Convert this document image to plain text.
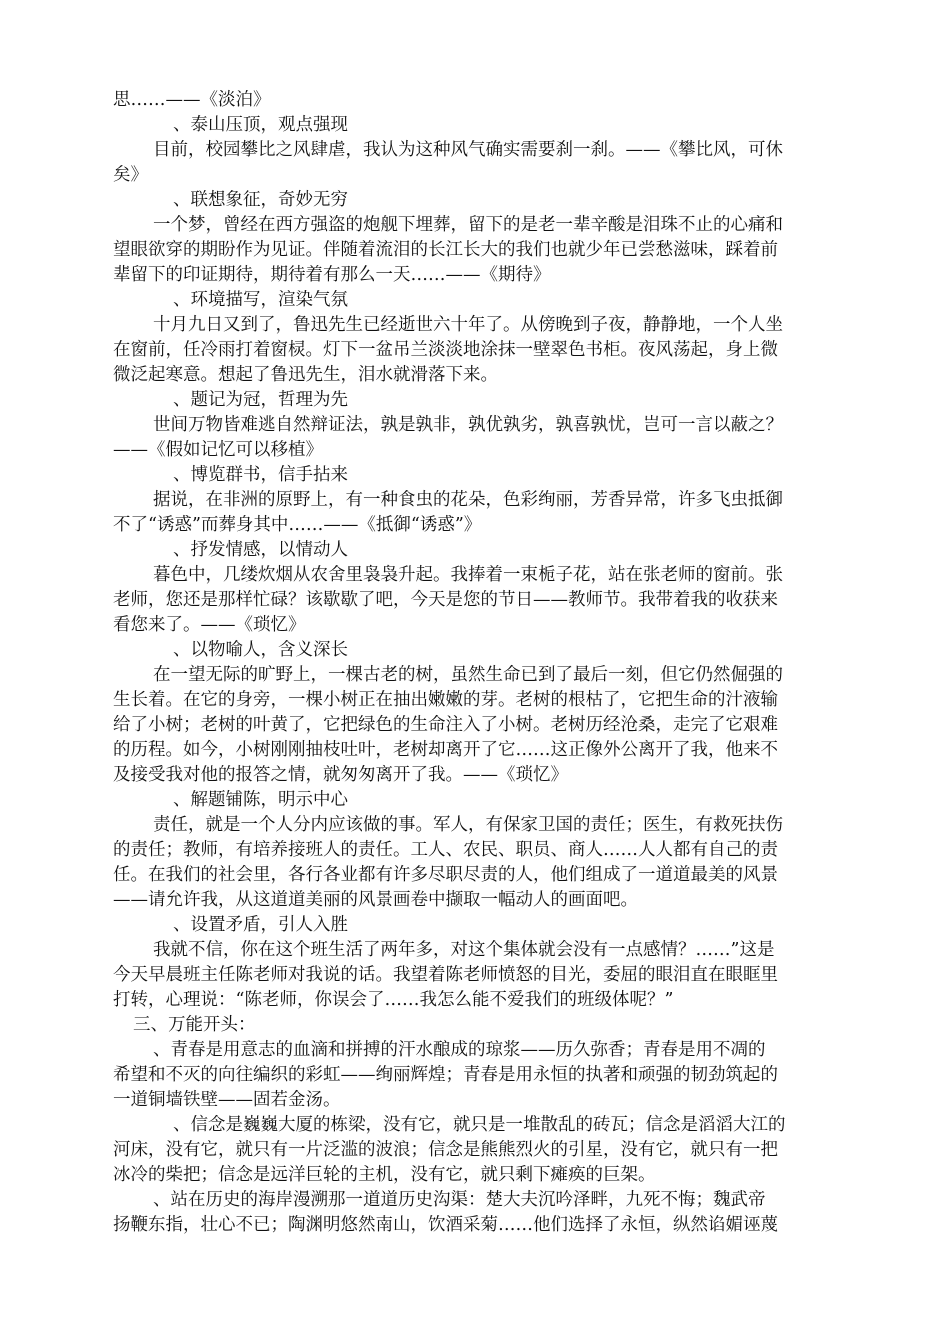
思……——《淡泊》
、泰山压顶，观点强现
目前，校园攀比之风肆虐，我认为这种风气确实需要刹一刹。——《攀比风，可休
矣》
、联想象征，奇妙无穷
一个梦，曾经在西方强盗的炮舰下埋葬，留下的是老一辈辛酸是泪珠不止的心痛和
望眼欲穿的期盼作为见证。伴随着流泪的长江长大的我们也就少年已尝愁滋味，踩着前
辈留下的印证期待，期待着有那么一天……——《期待》
、环境描写，渲染气氛
十月九日又到了，鲁迅先生已经逝世六十年了。从傍晚到子夜，静静地，一个人坐
在窗前，任冷雨打着窗棂。灯下一盆吊兰淡淡地涂抹一壁翠色书柜。夜风荡起，身上微
微泛起寒意。想起了鲁迅先生，泪水就滑落下来。
、题记为冠，哲理为先
世间万物皆难逃自然辩证法，孰是孰非，孰优孰劣，孰喜孰忧，岂可一言以蔽之？
——《假如记忆可以移植》
、博览群书，信手拈来
据说，在非洲的原野上，有一种食虫的花朵，色彩绚丽，芳香异常，许多飞虫抵御
不了“诱惑”而葬身其中……——《抵御“诱惑”》
、抒发情感，以情动人
暮色中，几缕炊烟从农舍里袅袅升起。我捧着一束栀子花，站在张老师的窗前。张
老师，您还是那样忙碌？该歇歇了吧，今天是您的节日——教师节。我带着我的收获来
看您来了。——《琐忆》
、以物喻人，含义深长
在一望无际的旷野上，一棵古老的树，虽然生命已到了最后一刻，但它仍然倔强的
生长着。在它的身旁，一棵小树正在抽出嫩嫩的芽。老树的根枯了，它把生命的汁液输
给了小树；老树的叶黄了，它把绿色的生命注入了小树。老树历经沧桑，走完了它艰难
的历程。如今，小树刚刚抽枝吐叶，老树却离开了它……这正像外公离开了我，他来不
及接受我对他的报答之情，就匆匆离开了我。——《琐忆》
、解题铺陈，明示中心
责任，就是一个人分内应该做的事。军人，有保家卫国的责任；医生，有救死扶伤
的责任；教师，有培养接班人的责任。工人、农民、职员、商人……人人都有自己的责
任。在我们的社会里，各行各业都有许多尽职尽责的人，他们组成了一道道最美的风景
——请允许我，从这道道美丽的风景画卷中撷取一幅动人的画面吧。
、设置矛盾，引人入胜
我就不信，你在这个班生活了两年多，对这个集体就会没有一点感情？……”这是
今天早晨班主任陈老师对我说的话。我望着陈老师愤怒的目光，委屈的眼泪直在眼眶里
打转，心理说：“陈老师，你误会了……我怎么能不爱我们的班级体呢？”
三、万能开头：
、青春是用意志的血滴和拼搏的汗水酿成的琼浆——历久弥香；青春是用不凋的
希望和不灭的向往编织的彩虹——绚丽辉煌；青春是用永恒的执著和顽强的韧劲筑起的
一道铜墙铁壁——固若金汤。
、信念是巍巍大厦的栋梁，没有它，就只是一堆散乱的砖瓦；信念是滔滔大江的
河床，没有它，就只有一片泛滥的波浪；信念是熊熊烈火的引星，没有它，就只有一把
冰冷的柴把；信念是远洋巨轮的主机，没有它，就只剩下瘫痪的巨架。
、站在历史的海岸漫溯那一道道历史沟渠：楚大夫沉吟泽畔，九死不悔；魏武帝
扬鞭东指，壮心不已；陶渊明悠然南山，饮酒采菊……他们选择了永恒，纵然谄媚诬蔑
